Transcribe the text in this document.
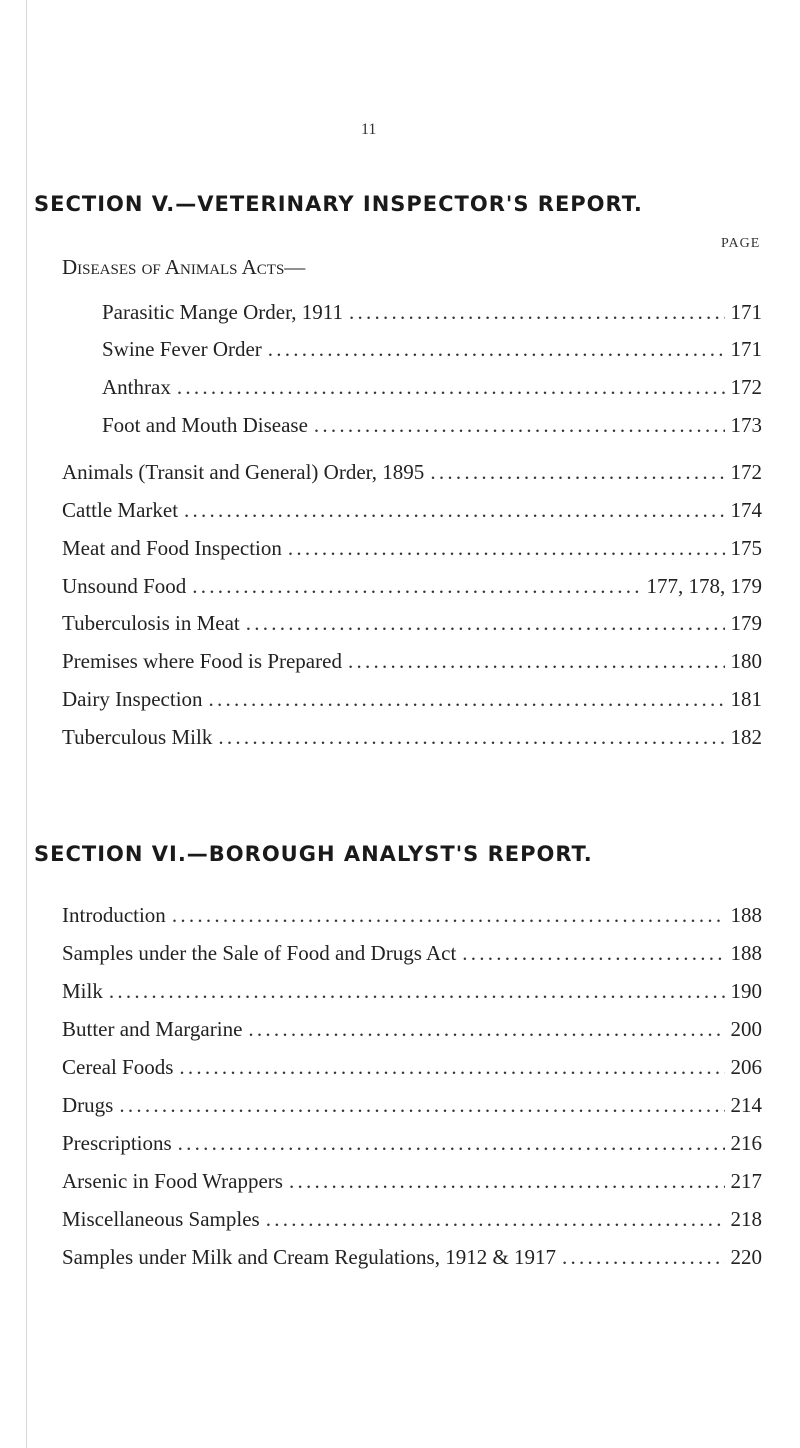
11
SECTION V.—VETERINARY INSPECTOR'S REPORT.
PAGE
Diseases of Animals Acts—
Parasitic Mange Order, 1911 . . .	171
Swine Fever Order . . .	171
Anthrax . . .	172
Foot and Mouth Disease . . .	173
Animals (Transit and General) Order, 1895 . . .	172
Cattle Market . . .	174
Meat and Food Inspection . . .	175
Unsound Food . . .	177, 178, 179
Tuberculosis in Meat . . .	179
Premises where Food is Prepared . . .	180
Dairy Inspection . . .	181
Tuberculous Milk . . .	182
SECTION VI.—BOROUGH ANALYST'S REPORT.
Introduction . . .	188
Samples under the Sale of Food and Drugs Act . . .	188
Milk . . .	190
Butter and Margarine . . .	200
Cereal Foods . . .	206
Drugs . . .	214
Prescriptions . . .	216
Arsenic in Food Wrappers . . .	217
Miscellaneous Samples . . .	218
Samples under Milk and Cream Regulations, 1912 & 1917 . . .	220
